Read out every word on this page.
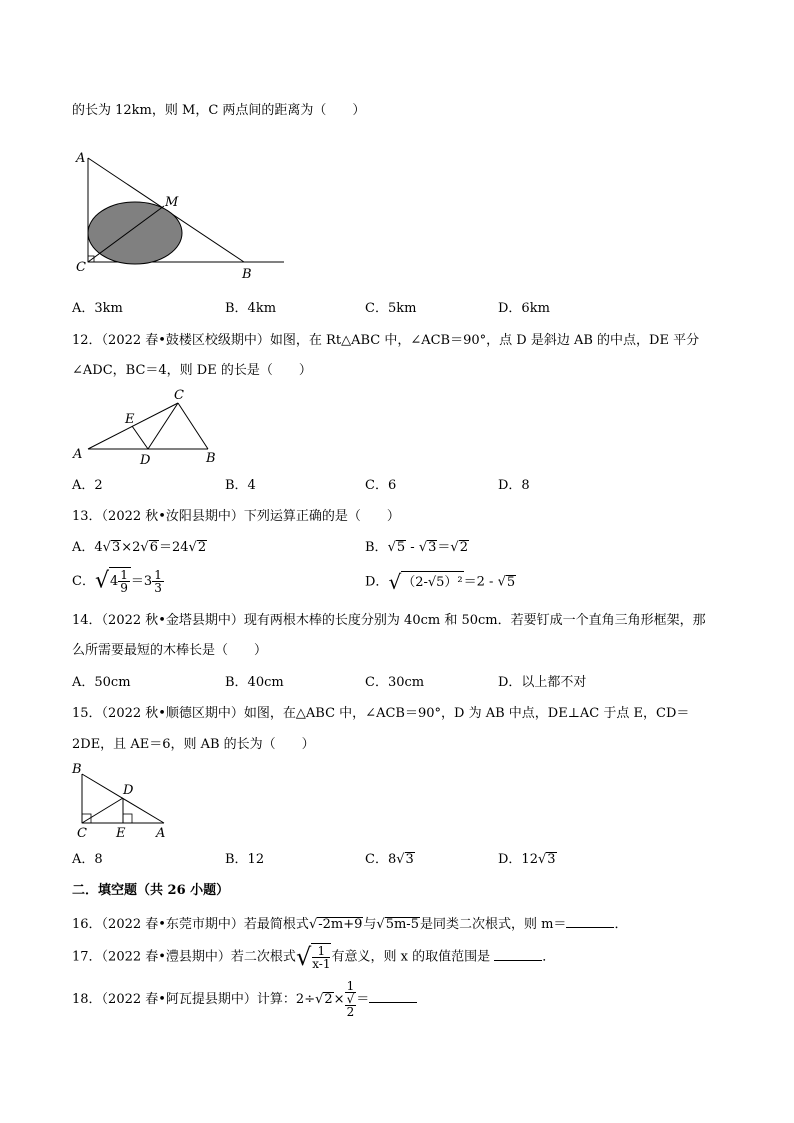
的长为 12km，则 M，C 两点间的距离为（　　）
A
M
C	B
A．3km	B．4km	C．5km	D．6km
12．（2022 春•鼓楼区校级期中）如图，在 Rt△ABC 中，∠ACB＝90°，点 D 是斜边 AB 的中点，DE 平分
∠ADC，BC＝4，则 DE 的长是（　　）
A
E
C
D	B
A．2	B．4	C．6	D．8
13．（2022 秋•汝阳县期中）下列运算正确的是（　　）
A．4√3×2√6＝24√2	B．√5 - √3＝√2
C．$√4 \frac{1}{9} =3 \frac{1}{3}$	D．√（2-√5）²＝2 - √5
14．（2022 秋•金塔县期中）现有两根木棒的长度分别为 40cm 和 50cm．若要钉成一个直角三角形框架，那
么所需要最短的木棒长是（　　）
A．50cm	B．40cm	C．30cm	D．以上都不对
15．（2022 秋•顺德区期中）如图，在△ABC 中，∠ACB＝90°，D 为 AB 中点，DE⊥AC 于点 E，CD＝
2DE，且 AE＝6，则 AB 的长为（　　）
B
D
C E A
A．8	B．12	C．8√3	D．12√3
二．填空题（共 26 小题）
16．（2022 春•东莞市期中）若最简根式√-2m+9与√5m-5是同类二次根式，则 m＝	．
17．（2022 春•澧县期中）若二次根式√ $\frac{1}{x-1}$ 有意义，则 x 的取值范围是	．
18．（2022 春•阿瓦提县期中）计算：2÷√2× 1
√
2 ＝
